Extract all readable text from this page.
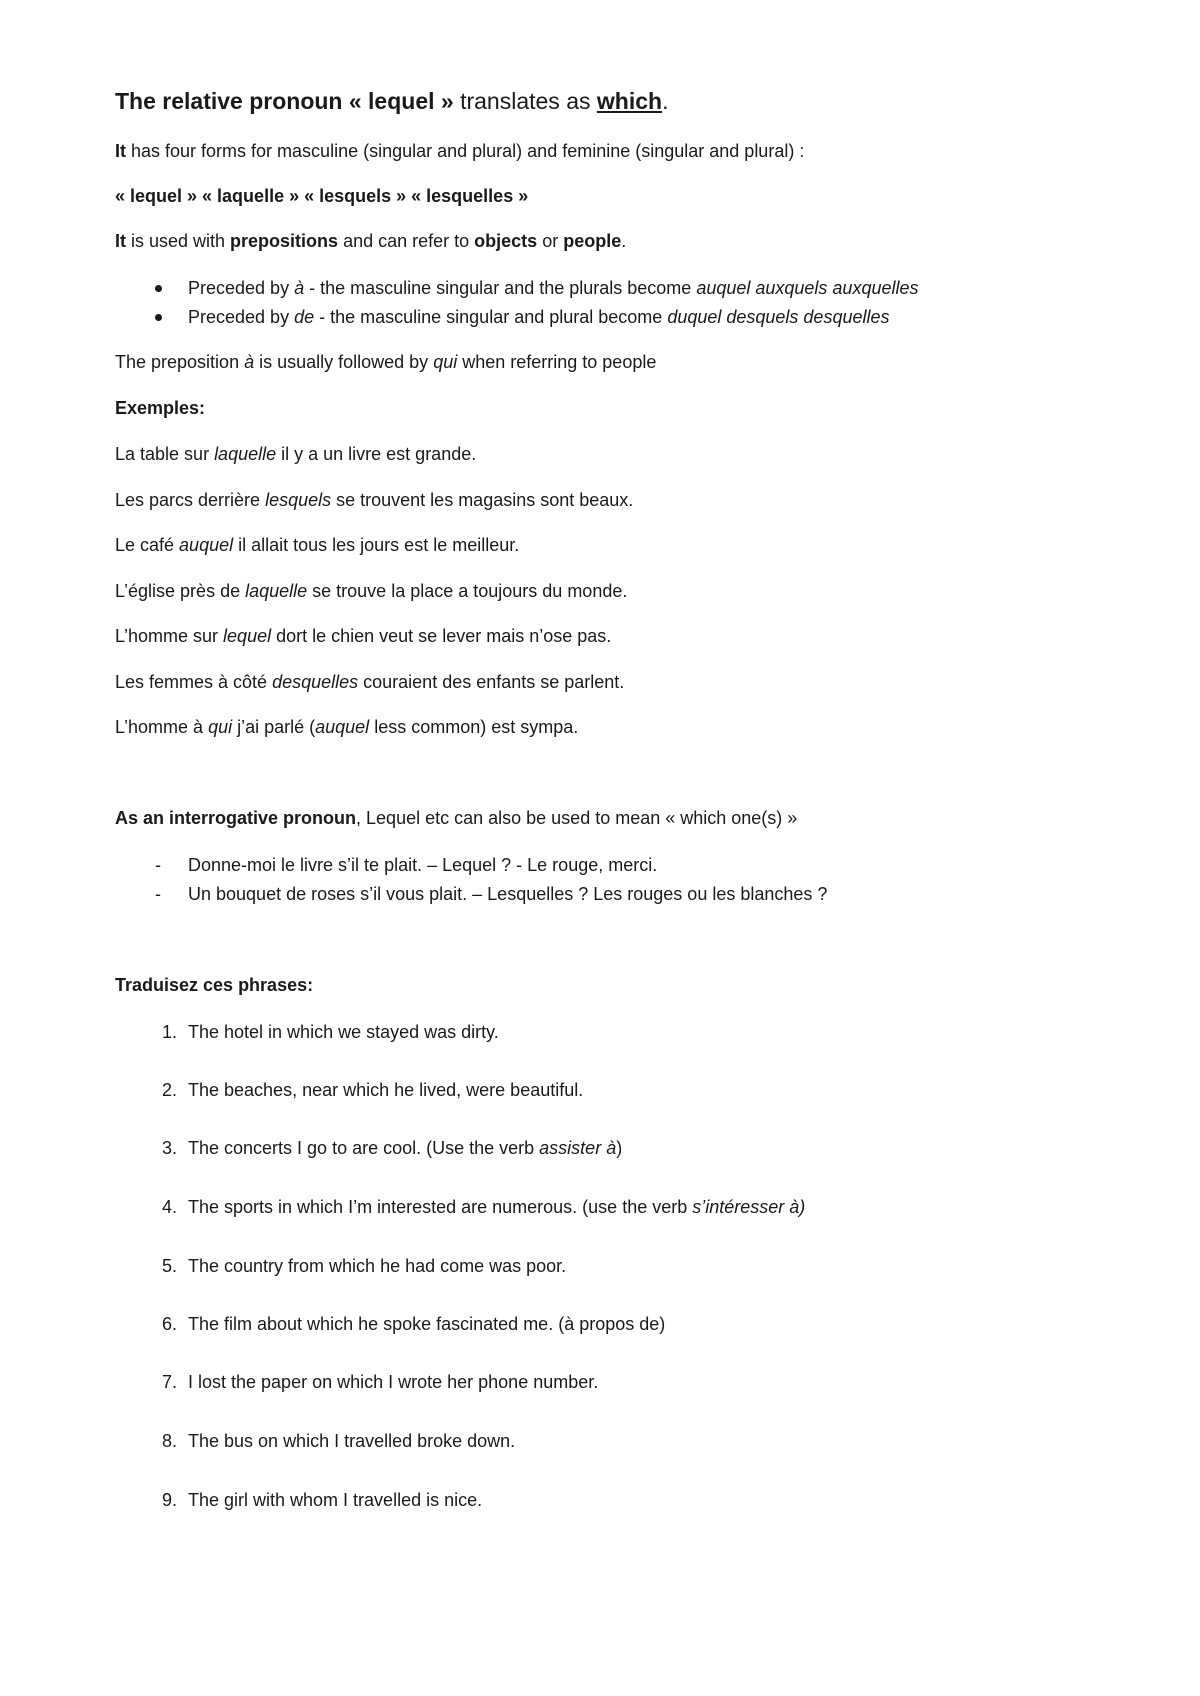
The relative pronoun « lequel » translates as which.
It has four forms for masculine (singular and plural) and feminine (singular and plural) :
« lequel » « laquelle » « lesquels » « lesquelles »
It is used with prepositions and can refer to objects or people.
Preceded by à - the masculine singular and the plurals become auquel auxquels auxquelles
Preceded by de - the masculine singular and plural become duquel desquels desquelles
The preposition à is usually followed by qui when referring to people
Exemples:
La table sur laquelle il y a un livre est grande.
Les parcs derrière lesquels se trouvent les magasins sont beaux.
Le café auquel il allait tous les jours est le meilleur.
L’église près de laquelle se trouve la place a toujours du monde.
L’homme sur lequel dort le chien veut se lever mais n’ose pas.
Les femmes à côté desquelles couraient des enfants se parlent.
L’homme à qui j’ai parlé (auquel less common) est sympa.
As an interrogative pronoun, Lequel etc can also be used to mean « which one(s) »
- Donne-moi le livre s’il te plait. – Lequel ? - Le rouge, merci.
- Un bouquet de roses s’il vous plait. – Lesquelles ? Les rouges ou les blanches ?
Traduisez ces phrases:
1. The hotel in which we stayed was dirty.
2. The beaches, near which he lived, were beautiful.
3. The concerts I go to are cool. (Use the verb assister à)
4. The sports in which I’m interested are numerous. (use the verb s’intéresser à)
5. The country from which he had come was poor.
6. The film about which he spoke fascinated me. (à propos de)
7. I lost the paper on which I wrote her phone number.
8. The bus on which I travelled broke down.
9. The girl with whom I travelled is nice.
